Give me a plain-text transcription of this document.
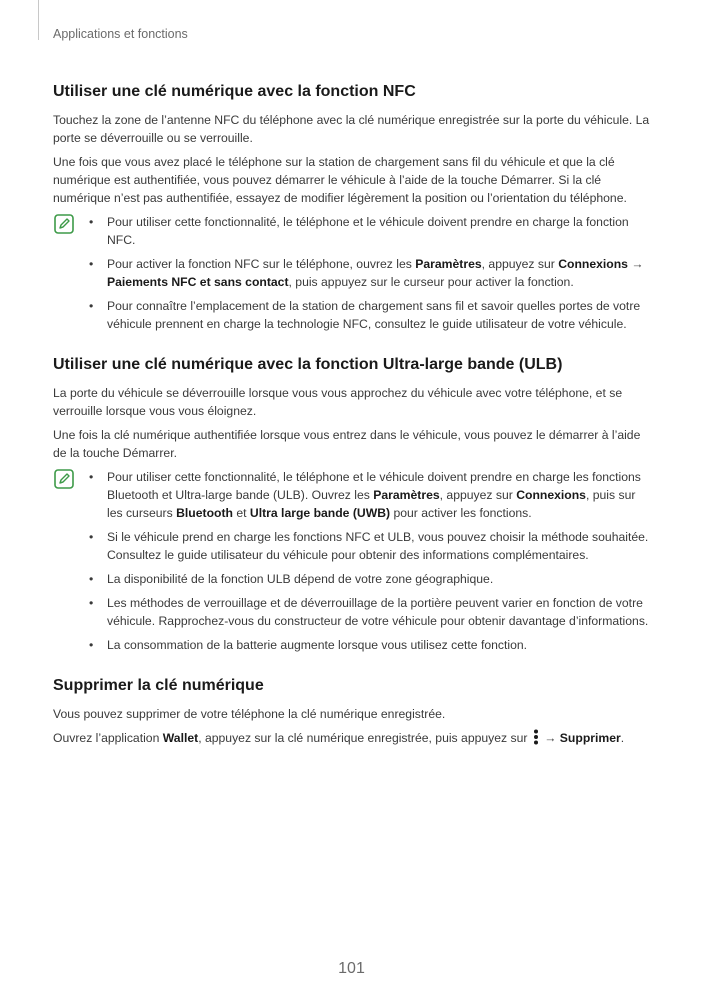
Applications et fonctions
Utiliser une clé numérique avec la fonction NFC

Touchez la zone de l’antenne NFC du téléphone avec la clé numérique enregistrée sur la porte du véhicule. La porte se déverrouille ou se verrouille.

Une fois que vous avez placé le téléphone sur la station de chargement sans fil du véhicule et que la clé numérique est authentifiée, vous pouvez démarrer le véhicule à l’aide de la touche Démarrer. Si la clé numérique n’est pas authentifiée, essayez de modifier légèrement la position ou l’orientation du téléphone.

• Pour utiliser cette fonctionnalité, le téléphone et le véhicule doivent prendre en charge la fonction NFC.
• Pour activer la fonction NFC sur le téléphone, ouvrez les Paramètres, appuyez sur Connexions → Paiements NFC et sans contact, puis appuyez sur le curseur pour activer la fonction.
• Pour connaître l’emplacement de la station de chargement sans fil et savoir quelles portes de votre véhicule prennent en charge la technologie NFC, consultez le guide utilisateur de votre véhicule.
Utiliser une clé numérique avec la fonction Ultra-large bande (ULB)

La porte du véhicule se déverrouille lorsque vous vous approchez du véhicule avec votre téléphone, et se verrouille lorsque vous vous éloignez.

Une fois la clé numérique authentifiée lorsque vous entrez dans le véhicule, vous pouvez le démarrer à l’aide de la touche Démarrer.

• Pour utiliser cette fonctionnalité, le téléphone et le véhicule doivent prendre en charge les fonctions Bluetooth et Ultra-large bande (ULB). Ouvrez les Paramètres, appuyez sur Connexions, puis sur les curseurs Bluetooth et Ultra large bande (UWB) pour activer les fonctions.
• Si le véhicule prend en charge les fonctions NFC et ULB, vous pouvez choisir la méthode souhaitée. Consultez le guide utilisateur du véhicule pour obtenir des informations complémentaires.
• La disponibilité de la fonction ULB dépend de votre zone géographique.
• Les méthodes de verrouillage et de déverrouillage de la portière peuvent varier en fonction de votre véhicule. Rapprochez-vous du constructeur de votre véhicule pour obtenir davantage d’informations.
• La consommation de la batterie augmente lorsque vous utilisez cette fonction.
Supprimer la clé numérique

Vous pouvez supprimer de votre téléphone la clé numérique enregistrée.

Ouvrez l’application Wallet, appuyez sur la clé numérique enregistrée, puis appuyez sur  → Supprimer.

101
